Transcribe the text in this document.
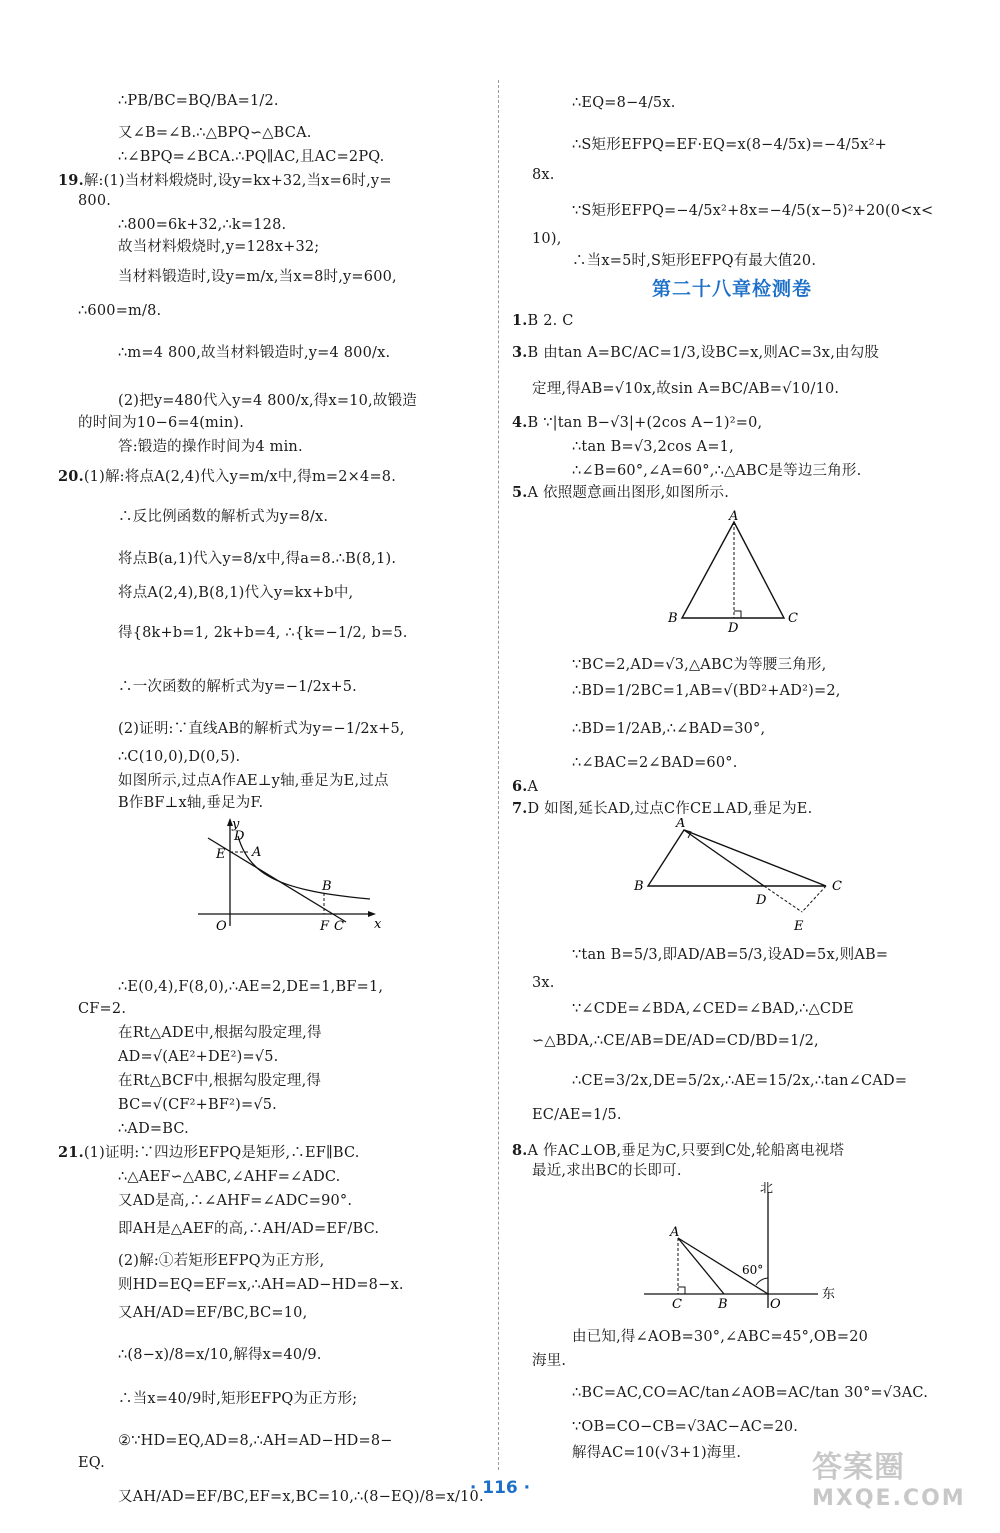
∴PB/BC=BQ/BA=1/2.
又∠B=∠B.∴△BPQ∽△BCA.
∴∠BPQ=∠BCA.∴PQ∥AC,且AC=2PQ.
19.解:(1)当材料煅烧时,设y=kx+32,当x=6时,y=
800.
∴800=6k+32,∴k=128.
故当材料煅烧时,y=128x+32;
当材料锻造时,设y=m/x,当x=8时,y=600,
∴600=m/8.
∴m=4 800,故当材料锻造时,y=4 800/x.
(2)把y=480代入y=4 800/x,得x=10,故锻造
的时间为10−6=4(min).
答:锻造的操作时间为4 min.
20.(1)解:将点A(2,4)代入y=m/x中,得m=2×4=8.
∴反比例函数的解析式为y=8/x.
将点B(a,1)代入y=8/x中,得a=8.∴B(8,1).
将点A(2,4),B(8,1)代入y=kx+b中,
得{8k+b=1, 2k+b=4, ∴{k=−1/2, b=5.
∴一次函数的解析式为y=−1/2x+5.
(2)证明:∵直线AB的解析式为y=−1/2x+5,
∴C(10,0),D(0,5).
如图所示,过点A作AE⊥y轴,垂足为E,过点
B作BF⊥x轴,垂足为F.
y
x
O
D
A
E
B
F C
∴E(0,4),F(8,0),∴AE=2,DE=1,BF=1,
CF=2.
在Rt△ADE中,根据勾股定理,得
AD=√(AE²+DE²)=√5.
在Rt△BCF中,根据勾股定理,得
BC=√(CF²+BF²)=√5.
∴AD=BC.
21.(1)证明:∵四边形EFPQ是矩形,∴EF∥BC.
∴△AEF∽△ABC,∠AHF=∠ADC.
又AD是高,∴∠AHF=∠ADC=90°.
即AH是△AEF的高,∴AH/AD=EF/BC.
(2)解:①若矩形EFPQ为正方形,
则HD=EQ=EF=x,∴AH=AD−HD=8−x.
又AH/AD=EF/BC,BC=10,
∴(8−x)/8=x/10,解得x=40/9.
∴当x=40/9时,矩形EFPQ为正方形;
②∵HD=EQ,AD=8,∴AH=AD−HD=8−
EQ.
又AH/AD=EF/BC,EF=x,BC=10,∴(8−EQ)/8=x/10.
∴EQ=8−4/5x.
∴S矩形EFPQ=EF·EQ=x(8−4/5x)=−4/5x²+
8x.
∵S矩形EFPQ=−4/5x²+8x=−4/5(x−5)²+20(0<x<
10),
∴当x=5时,S矩形EFPQ有最大值20.
第二十八章检测卷
1.B 2. C
3.B 由tan A=BC/AC=1/3,设BC=x,则AC=3x,由勾股
定理,得AB=√10x,故sin A=BC/AB=√10/10.
4.B ∵|tan B−√3|+(2cos A−1)²=0,
∴tan B=√3,2cos A=1,
∴∠B=60°,∠A=60°,∴△ABC是等边三角形.
5.A 依照题意画出图形,如图所示.
A
B	C
D
∵BC=2,AD=√3,△ABC为等腰三角形,
∴BD=1/2BC=1,AB=√(BD²+AD²)=2,
∴BD=1/2AB,∴∠BAD=30°,
∴∠BAC=2∠BAD=60°.
6.A
7.D 如图,延长AD,过点C作CE⊥AD,垂足为E.
A
B	C
D
E
∵tan B=5/3,即AD/AB=5/3,设AD=5x,则AB=
3x.
∵∠CDE=∠BDA,∠CED=∠BAD,∴△CDE
∽△BDA,∴CE/AB=DE/AD=CD/BD=1/2,
∴CE=3/2x,DE=5/2x,∴AE=15/2x,∴tan∠CAD=
EC/AE=1/5.
8.A 作AC⊥OB,垂足为C,只要到C处,轮船离电视塔
最近,求出BC的长即可.
北
东
A
B
C	O
60°
由已知,得∠AOB=30°,∠ABC=45°,OB=20
海里.
∴BC=AC,CO=AC/tan∠AOB=AC/tan 30°=√3AC.
∵OB=CO−CB=√3AC−AC=20.
解得AC=10(√3+1)海里.
· 116 ·
答案圈
MXQE.COM
